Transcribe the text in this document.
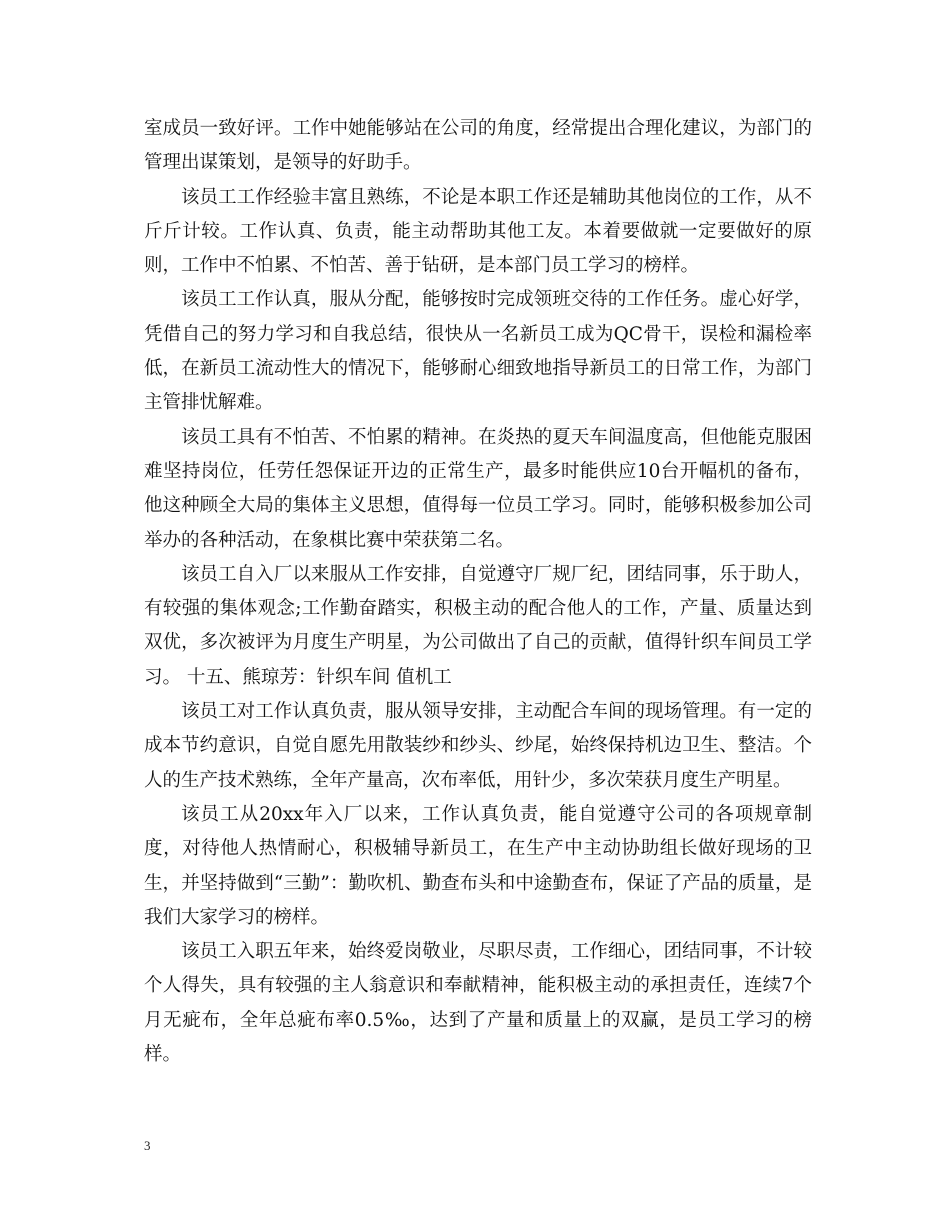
室成员一致好评。工作中她能够站在公司的角度，经常提出合理化建议，为部门的管理出谋策划，是领导的好助手。

该员工工作经验丰富且熟练，不论是本职工作还是辅助其他岗位的工作，从不斤斤计较。工作认真、负责，能主动帮助其他工友。本着要做就一定要做好的原则，工作中不怕累、不怕苦、善于钻研，是本部门员工学习的榜样。

该员工工作认真，服从分配，能够按时完成领班交待的工作任务。虚心好学，凭借自己的努力学习和自我总结，很快从一名新员工成为QC骨干，误检和漏检率低，在新员工流动性大的情况下，能够耐心细致地指导新员工的日常工作，为部门主管排忧解难。

该员工具有不怕苦、不怕累的精神。在炎热的夏天车间温度高，但他能克服困难坚持岗位，任劳任怨保证开边的正常生产，最多时能供应10台开幅机的备布，他这种顾全大局的集体主义思想，值得每一位员工学习。同时，能够积极参加公司举办的各种活动，在象棋比赛中荣获第二名。

该员工自入厂以来服从工作安排，自觉遵守厂规厂纪，团结同事，乐于助人，有较强的集体观念;工作勤奋踏实，积极主动的配合他人的工作，产量、质量达到双优，多次被评为月度生产明星，为公司做出了自己的贡献，值得针织车间员工学习。 十五、熊琼芳：针织车间 值机工

该员工对工作认真负责，服从领导安排，主动配合车间的现场管理。有一定的成本节约意识，自觉自愿先用散装纱和纱头、纱尾，始终保持机边卫生、整洁。个人的生产技术熟练，全年产量高，次布率低，用针少，多次荣获月度生产明星。

该员工从20xx年入厂以来，工作认真负责，能自觉遵守公司的各项规章制度，对待他人热情耐心，积极辅导新员工，在生产中主动协助组长做好现场的卫生，并坚持做到“三勤”：勤吹机、勤查布头和中途勤查布，保证了产品的质量，是我们大家学习的榜样。

该员工入职五年来，始终爱岗敬业，尽职尽责，工作细心，团结同事，不计较个人得失，具有较强的主人翁意识和奉献精神，能积极主动的承担责任，连续7个月无疵布，全年总疵布率0.5‰，达到了产量和质量上的双赢，是员工学习的榜样。

3
